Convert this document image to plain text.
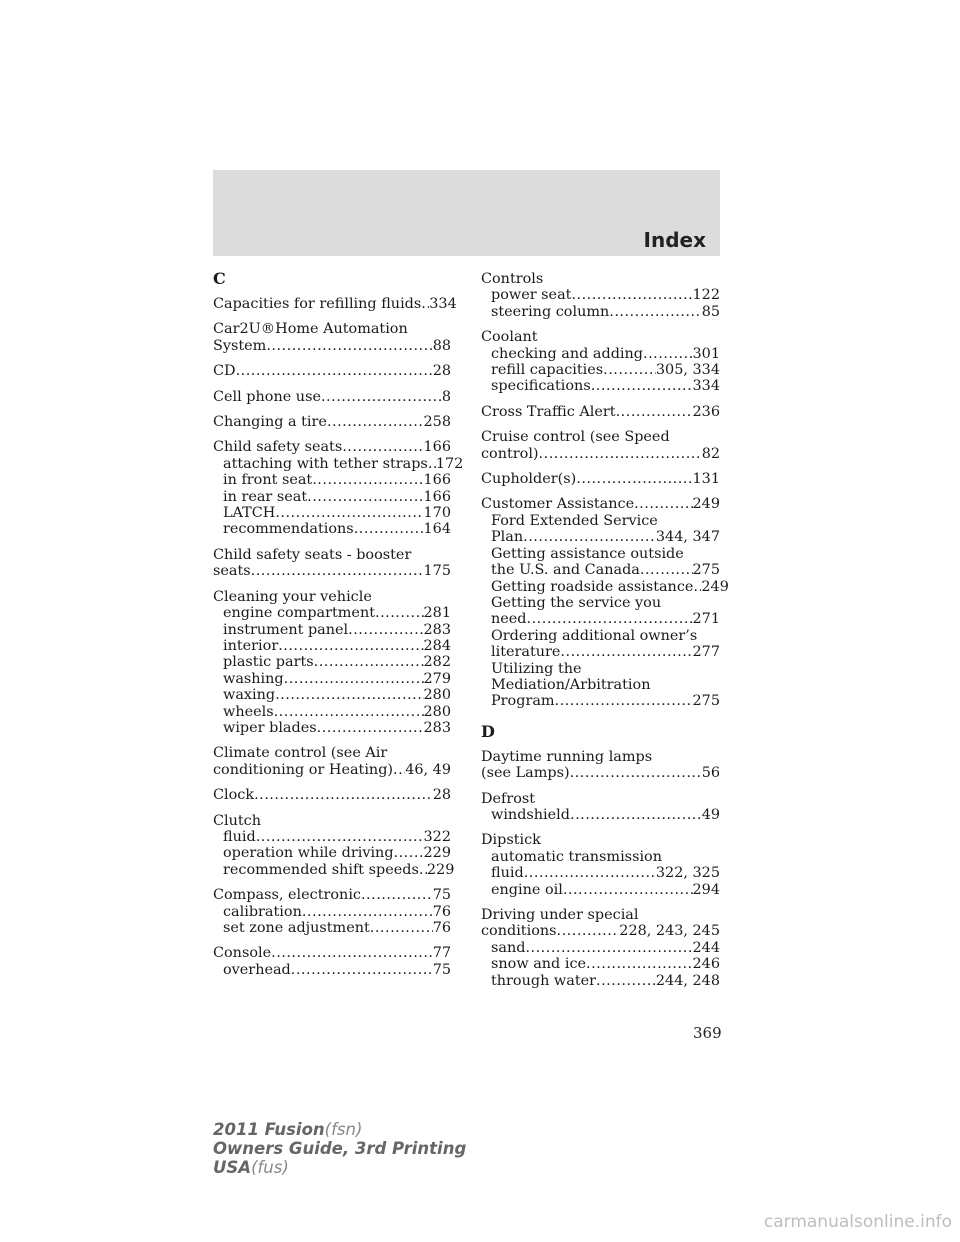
Index
C
Capacities for refilling fluids ..... 334
Car2U®Home Automation
System .....	88
CD .....	28
Cell phone use .....	8
Changing a tire .....	258
Child safety seats .....	166
attaching with tether straps ..... 172
in front seat .....	166
in rear seat .....	166
LATCH .....	170
recommendations .....	164
Child safety seats - booster
seats .....	175
Cleaning your vehicle
engine compartment .....	281
instrument panel .....	283
interior .....	284
plastic parts .....	282
washing .....	279
waxing .....	280
wheels .....	280
wiper blades .....	283
Climate control (see Air
conditioning or Heating) ..... 46, 49
Clock .....	28
Clutch
fluid .....	322
operation while driving ..... 229
recommended shift speeds ..... 229
Compass, electronic .....	75
calibration .....	76
set zone adjustment .....	76
Console .....	77
overhead .....	75
Controls
power seat .....	122
steering column .....	85
Coolant
checking and adding .....	301
refill capacities .....	305, 334
specifications .....	334
Cross Traffic Alert .....	236
Cruise control (see Speed
control) .....	82
Cupholder(s) .....	131
Customer Assistance .....	249
Ford Extended Service
Plan .....	344, 347
Getting assistance outside
the U.S. and Canada .....	275
Getting roadside assistance ..... 249
Getting the service you
need .....	271
Ordering additional owner’s
literature .....	277
Utilizing the
Mediation/Arbitration
Program .....	275
D
Daytime running lamps
(see Lamps) .....	56
Defrost
windshield .....	49
Dipstick
automatic transmission
fluid .....	322, 325
engine oil .....	294
Driving under special
conditions .....	228, 243, 245
sand .....	244
snow and ice .....	246
through water .....	244, 248
369
2011 Fusion(fsn)
Owners Guide, 3rd Printing
USA(fus)
carmanualsonline.info
